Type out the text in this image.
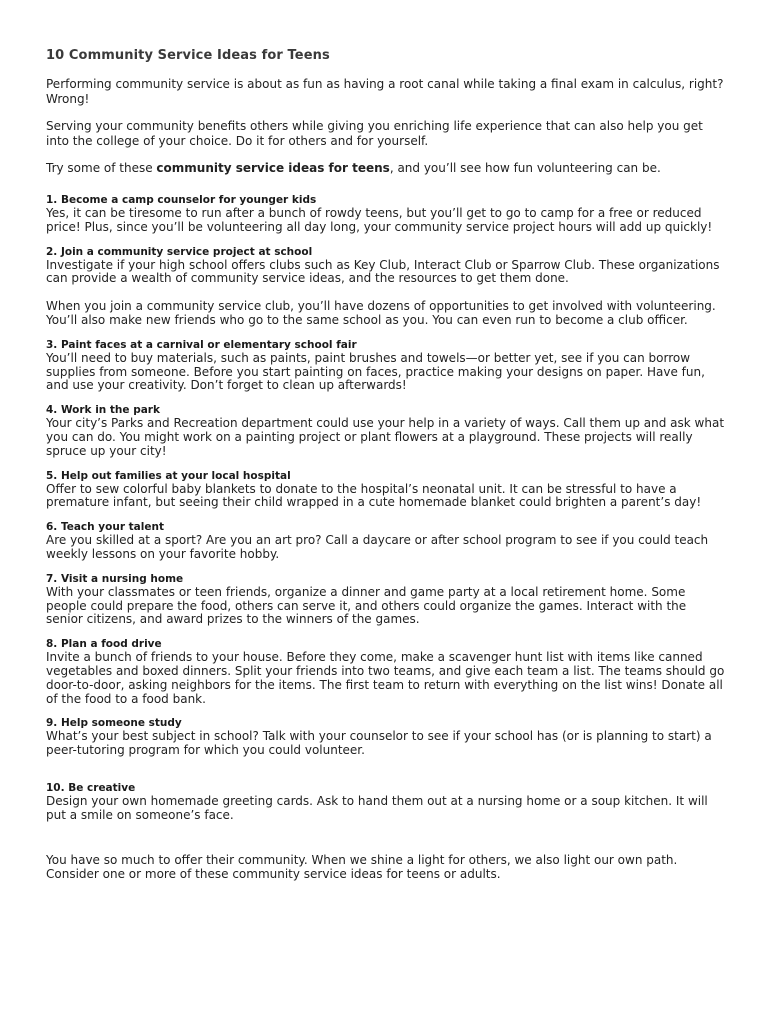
10 Community Service Ideas for Teens

Performing community service is about as fun as having a root canal while taking a final exam in calculus, right? Wrong!

Serving your community benefits others while giving you enriching life experience that can also help you get into the college of your choice. Do it for others and for yourself.

Try some of these community service ideas for teens, and you’ll see how fun volunteering can be.

1. Become a camp counselor for younger kids

Yes, it can be tiresome to run after a bunch of rowdy teens, but you’ll get to go to camp for a free or reduced price! Plus, since you’ll be volunteering all day long, your community service project hours will add up quickly!

2. Join a community service project at school

Investigate if your high school offers clubs such as Key Club, Interact Club or Sparrow Club. These organizations can provide a wealth of community service ideas, and the resources to get them done.

When you join a community service club, you’ll have dozens of opportunities to get involved with volunteering. You’ll also make new friends who go to the same school as you. You can even run to become a club officer.

3. Paint faces at a carnival or elementary school fair

You’ll need to buy materials, such as paints, paint brushes and towels—or better yet, see if you can borrow supplies from someone. Before you start painting on faces, practice making your designs on paper. Have fun, and use your creativity. Don’t forget to clean up afterwards!

4. Work in the park

Your city’s Parks and Recreation department could use your help in a variety of ways. Call them up and ask what you can do. You might work on a painting project or plant flowers at a playground. These projects will really spruce up your city!

5. Help out families at your local hospital

Offer to sew colorful baby blankets to donate to the hospital’s neonatal unit. It can be stressful to have a premature infant, but seeing their child wrapped in a cute homemade blanket could brighten a parent’s day!

6. Teach your talent

Are you skilled at a sport? Are you an art pro? Call a daycare or after school program to see if you could teach weekly lessons on your favorite hobby.

7. Visit a nursing home

With your classmates or teen friends, organize a dinner and game party at a local retirement home. Some people could prepare the food, others can serve it, and others could organize the games. Interact with the senior citizens, and award prizes to the winners of the games.

8. Plan a food drive

Invite a bunch of friends to your house. Before they come, make a scavenger hunt list with items like canned vegetables and boxed dinners. Split your friends into two teams, and give each team a list. The teams should go door-to-door, asking neighbors for the items. The first team to return with everything on the list wins! Donate all of the food to a food bank.

9. Help someone study

What’s your best subject in school? Talk with your counselor to see if your school has (or is planning to start) a peer-tutoring program for which you could volunteer.

10. Be creative

Design your own homemade greeting cards. Ask to hand them out at a nursing home or a soup kitchen. It will put a smile on someone’s face.

You have so much to offer their community. When we shine a light for others, we also light our own path. Consider one or more of these community service ideas for teens or adults.
